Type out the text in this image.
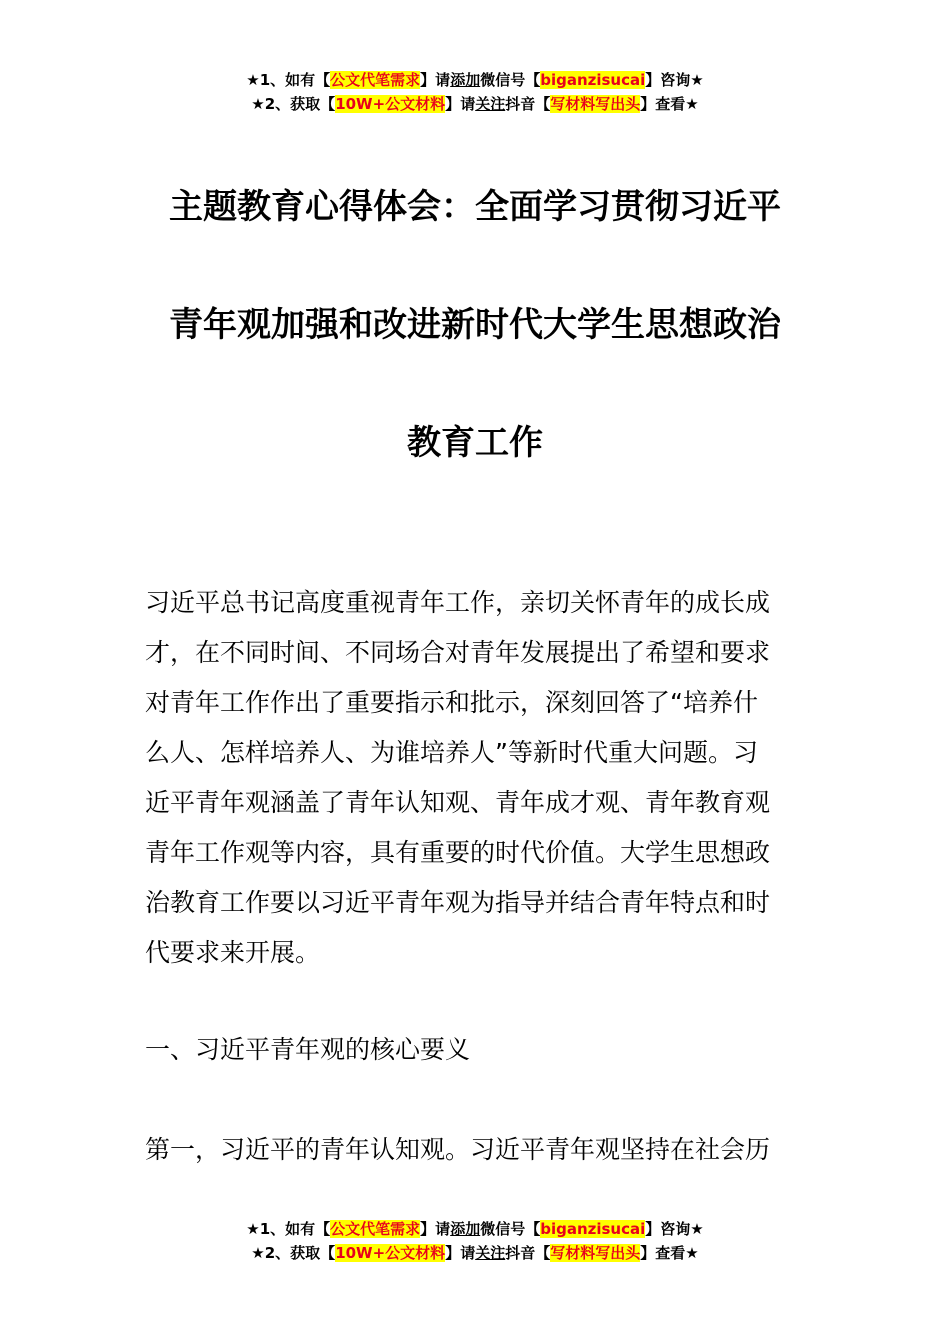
★1、如有【公文代笔需求】请添加微信号【biganzisucai】咨询★
★2、获取【10W+公文材料】请关注抖音【写材料写出头】查看★
主题教育心得体会：全面学习贯彻习近平
青年观加强和改进新时代大学生思想政治
教育工作
习近平总书记高度重视青年工作，亲切关怀青年的成长成
才，在不同时间、不同场合对青年发展提出了希望和要求
对青年工作作出了重要指示和批示，深刻回答了“培养什
么人、怎样培养人、为谁培养人”等新时代重大问题。习
近平青年观涵盖了青年认知观、青年成才观、青年教育观
青年工作观等内容，具有重要的时代价值。大学生思想政
治教育工作要以习近平青年观为指导并结合青年特点和时
代要求来开展。
一、习近平青年观的核心要义
第一，习近平的青年认知观。习近平青年观坚持在社会历
★1、如有【公文代笔需求】请添加微信号【biganzisucai】咨询★
★2、获取【10W+公文材料】请关注抖音【写材料写出头】查看★
